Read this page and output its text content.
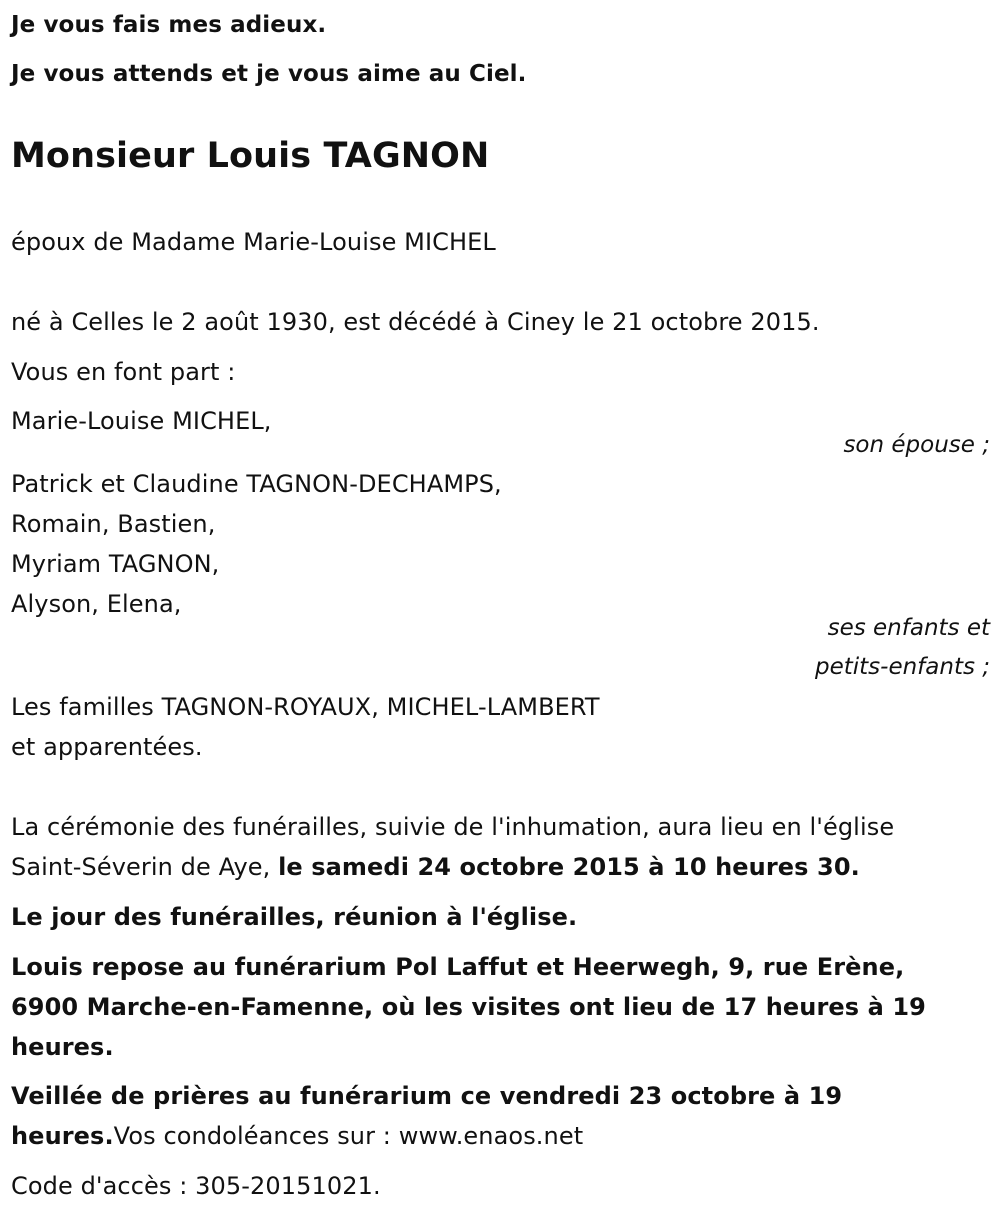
Je vous fais mes adieux.
Je vous attends et je vous aime au Ciel.
Monsieur Louis TAGNON
époux de Madame Marie-Louise MICHEL
né à Celles le 2 août 1930, est décédé à Ciney le 21 octobre 2015.
Vous en font part :
Marie-Louise MICHEL,
son épouse ;
Patrick et Claudine TAGNON-DECHAMPS,
Romain, Bastien,
Myriam TAGNON,
Alyson, Elena,
ses enfants et
petits-enfants ;
Les familles TAGNON-ROYAUX, MICHEL-LAMBERT
et apparentées.
La cérémonie des funérailles, suivie de l'inhumation, aura lieu en l'église
Saint-Séverin de Aye, le samedi 24 octobre 2015 à 10 heures 30.
Le jour des funérailles, réunion à l'église.
Louis repose au funérarium Pol Laffut et Heerwegh, 9, rue Erène,
6900 Marche-en-Famenne, où les visites ont lieu de 17 heures à 19
heures.
Veillée de prières au funérarium ce vendredi 23 octobre à 19
heures.Vos condoléances sur : www.enaos.net
Code d'accès : 305-20151021.
